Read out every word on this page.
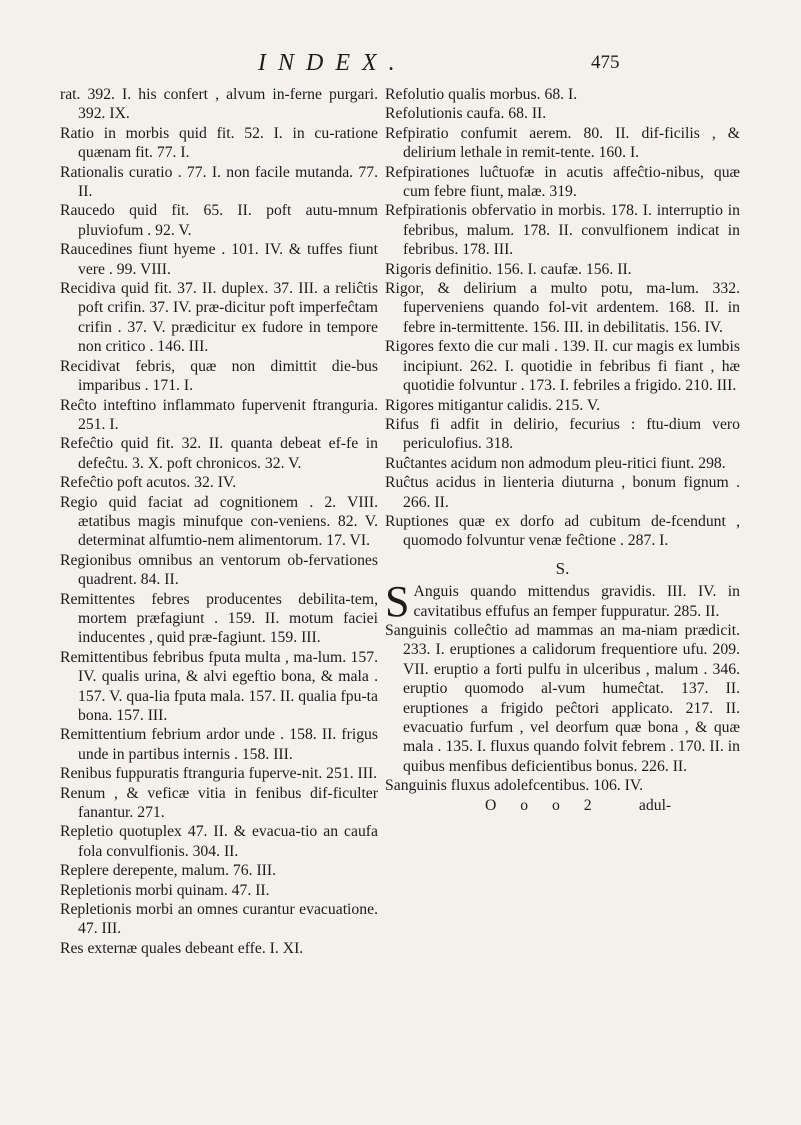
INDEX.	475

rat. 392. I. his confert , alvum in-ferne purgari. 392. IX.

Ratio in morbis quid fit. 52. I. in cu-ratione quænam fit. 77. I.

Rationalis curatio . 77. I. non facile mutanda. 77. II.

Raucedo quid fit. 65. II. poft autu-mnum pluviofum . 92. V.

Raucedines fiunt hyeme . 101. IV. & tuffes fiunt vere . 99. VIII.

Recidiva quid fit. 37. II. duplex. 37. III. a reliĉtis poft crifin. 37. IV. præ-dicitur poft imperfeĉtam crifin . 37. V. prædicitur ex fudore in tempore non critico . 146. III.

Recidivat febris, quæ non dimittit die-bus imparibus . 171. I.

Reĉto inteftino inflammato fupervenit ftranguria. 251. I.

Refeĉtio quid fit. 32. II. quanta debeat ef-fe in defeĉtu. 3. X. poft chronicos. 32. V.

Refeĉtio poft acutos. 32. IV.

Regio quid faciat ad cognitionem . 2. VIII. ætatibus magis minufque con-veniens. 82. V. determinat alfumtio-nem alimentorum. 17. VI.

Regionibus omnibus an ventorum ob-fervationes quadrent. 84. II.

Remittentes febres producentes debilita-tem, mortem præfagiunt . 159. II. motum faciei inducentes , quid præ-fagiunt. 159. III.

Remittentibus febribus fputa multa , ma-lum. 157. IV. qualis urina, & alvi egeftio bona, & mala . 157. V. qua-lia fputa mala. 157. II. qualia fpu-ta bona. 157. III.

Remittentium febrium ardor unde . 158. II. frigus unde in partibus internis . 158. III.

Renibus fuppuratis ftranguria fuperve-nit. 251. III.

Renum , & veficæ vitia in fenibus dif-ficulter fanantur. 271.

Repletio quotuplex 47. II. & evacua-tio an caufa fola convulfionis. 304. II.

Replere derepente, malum. 76. III.

Repletionis morbi quinam. 47. II.

Repletionis morbi an omnes curantur evacuatione. 47. III.

Res externæ quales debeant effe. I. XI.

Refolutio qualis morbus. 68. I.

Refolutionis caufa. 68. II.

Refpiratio confumit aerem. 80. II. dif-ficilis , & delirium lethale in remit-tente. 160. I.

Refpirationes luĉtuofæ in acutis affeĉtio-nibus, quæ cum febre fiunt, malæ. 319.

Refpirationis obfervatio in morbis. 178. I. interruptio in febribus, malum. 178. II. convulfionem indicat in febribus. 178. III.

Rigoris definitio. 156. I. caufæ. 156. II.

Rigor, & delirium a multo potu, ma-lum. 332. fuperveniens quando fol-vit ardentem. 168. II. in febre in-termittente. 156. III. in debilitatis. 156. IV.

Rigores fexto die cur mali . 139. II. cur magis ex lumbis incipiunt. 262. I. quotidie in febribus fi fiant , hæ quotidie folvuntur . 173. I. febriles a frigido. 210. III.

Rigores mitigantur calidis. 215. V.

Rifus fi adfit in delirio, fecurius : ftu-dium vero periculofius. 318.

Ruĉtantes acidum non admodum pleu-ritici fiunt. 298.

Ruĉtus acidus in lienteria diuturna , bonum fignum . 266. II.

Ruptiones quæ ex dorfo ad cubitum de-fcendunt , quomodo folvuntur venæ feĉtione . 287. I.

S.

S Anguis quando mittendus gravidis. III. IV. in cavitatibus effufus an femper fuppuratur. 285. II.

Sanguinis colleĉtio ad mammas an ma-niam prædicit. 233. I. eruptiones a calidorum frequentiore ufu. 209. VII. eruptio a forti pulfu in ulceribus , malum . 346. eruptio quomodo al-vum humeĉtat. 137. II. eruptiones a frigido peĉtori applicato. 217. II. evacuatio furfum , vel deorfum quæ bona , & quæ mala . 135. I. fluxus quando folvit febrem . 170. II. in quibus menfibus deficientibus bonus. 226. II.

Sanguinis fluxus adolefcentibus. 106. IV.

O o o 2 adul-
